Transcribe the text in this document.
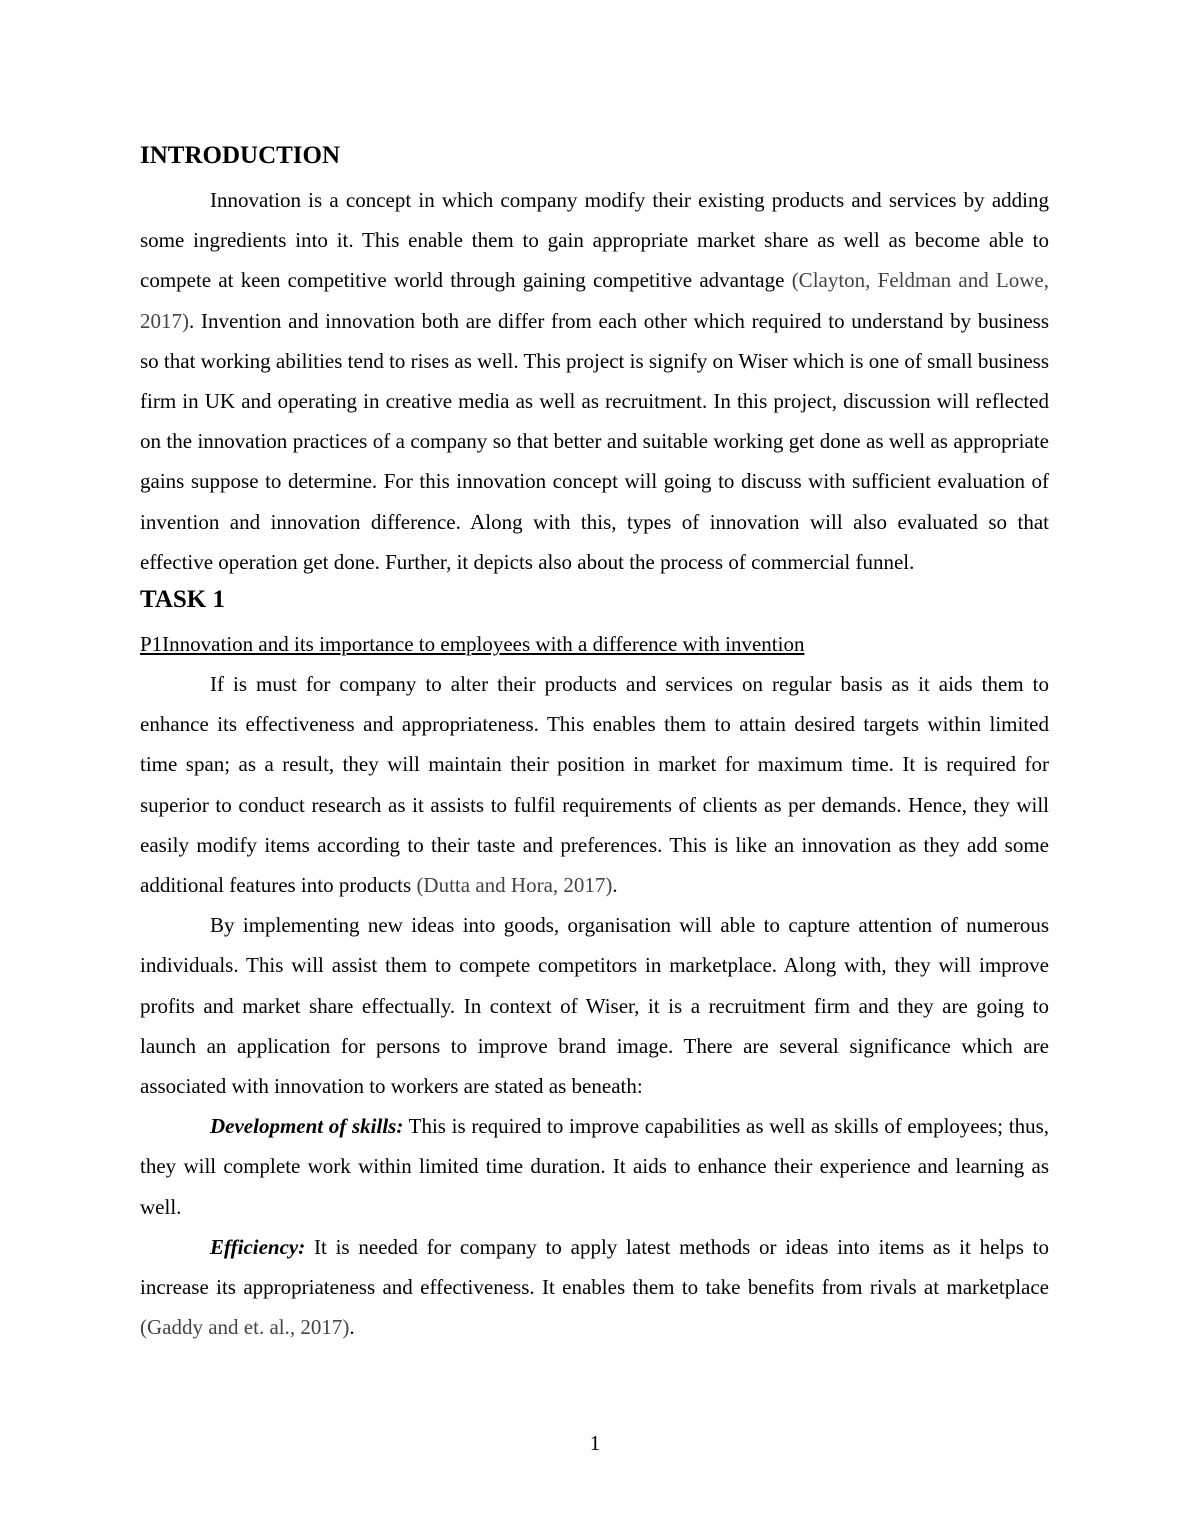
INTRODUCTION

Innovation is a concept in which company modify their existing products and services by adding some ingredients into it. This enable them to gain appropriate market share as well as become able to compete at keen competitive world through gaining competitive advantage (Clayton, Feldman and Lowe, 2017). Invention and innovation both are differ from each other which required to understand by business so that working abilities tend to rises as well. This project is signify on Wiser which is one of small business firm in UK and operating in creative media as well as recruitment. In this project, discussion will reflected on the innovation practices of a company so that better and suitable working get done as well as appropriate gains suppose to determine. For this innovation concept will going to discuss with sufficient evaluation of invention and innovation difference. Along with this, types of innovation will also evaluated so that effective operation get done. Further, it depicts also about the process of commercial funnel.

TASK 1

P1Innovation and its importance to employees with a difference with invention

If is must for company to alter their products and services on regular basis as it aids them to enhance its effectiveness and appropriateness. This enables them to attain desired targets within limited time span; as a result, they will maintain their position in market for maximum time. It is required for superior to conduct research as it assists to fulfil requirements of clients as per demands. Hence, they will easily modify items according to their taste and preferences. This is like an innovation as they add some additional features into products (Dutta and Hora, 2017).

By implementing new ideas into goods, organisation will able to capture attention of numerous individuals. This will assist them to compete competitors in marketplace. Along with, they will improve profits and market share effectually. In context of Wiser, it is a recruitment firm and they are going to launch an application for persons to improve brand image. There are several significance which are associated with innovation to workers are stated as beneath:

Development of skills: This is required to improve capabilities as well as skills of employees; thus, they will complete work within limited time duration. It aids to enhance their experience and learning as well.

Efficiency: It is needed for company to apply latest methods or ideas into items as it helps to increase its appropriateness and effectiveness. It enables them to take benefits from rivals at marketplace (Gaddy and et. al., 2017).

1
